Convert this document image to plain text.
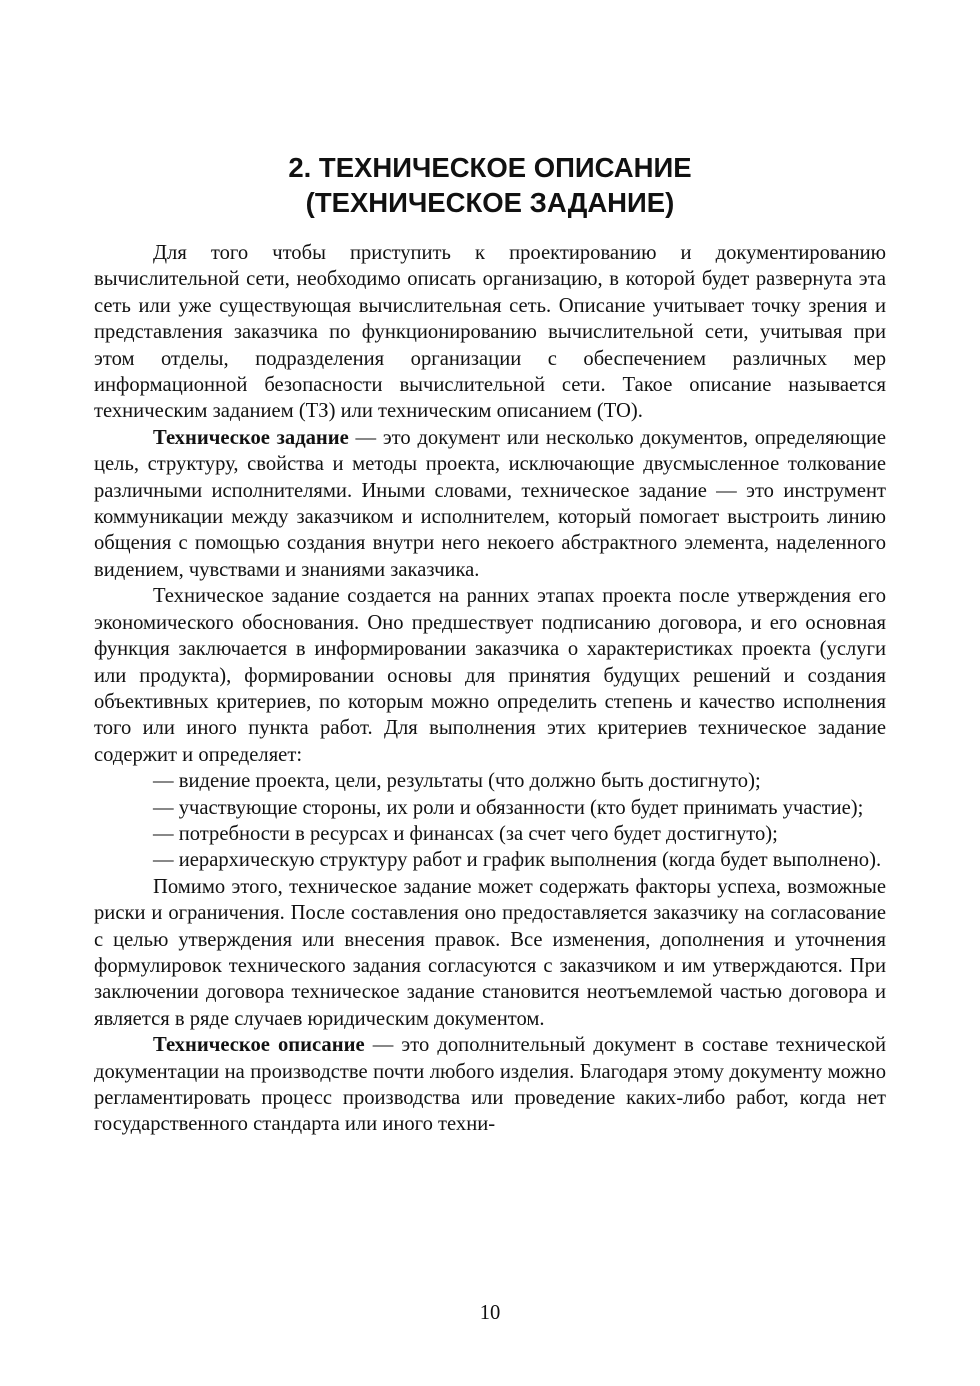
2. ТЕХНИЧЕСКОЕ ОПИСАНИЕ
(ТЕХНИЧЕСКОЕ ЗАДАНИЕ)

Для того чтобы приступить к проектированию и документированию вычислительной сети, необходимо описать организацию, в которой будет развернута эта сеть или уже существующая вычислительная сеть. Описание учитывает точку зрения и представления заказчика по функционированию вычислительной сети, учитывая при этом отделы, подразделения организации с обеспечением различных мер информационной безопасности вычислительной сети. Такое описание называется техническим заданием (ТЗ) или техническим описанием (ТО).

Техническое задание — это документ или несколько документов, определяющие цель, структуру, свойства и методы проекта, исключающие двусмысленное толкование различными исполнителями. Иными словами, техническое задание — это инструмент коммуникации между заказчиком и исполнителем, который помогает выстроить линию общения с помощью создания внутри него некоего абстрактного элемента, наделенного видением, чувствами и знаниями заказчика.

Техническое задание создается на ранних этапах проекта после утверждения его экономического обоснования. Оно предшествует подписанию договора, и его основная функция заключается в информировании заказчика о характеристиках проекта (услуги или продукта), формировании основы для принятия будущих решений и создания объективных критериев, по которым можно определить степень и качество исполнения того или иного пункта работ. Для выполнения этих критериев техническое задание содержит и определяет:

— видение проекта, цели, результаты (что должно быть достигнуто);

— участвующие стороны, их роли и обязанности (кто будет принимать участие);

— потребности в ресурсах и финансах (за счет чего будет достигнуто);

— иерархическую структуру работ и график выполнения (когда будет выполнено).

Помимо этого, техническое задание может содержать факторы успеха, возможные риски и ограничения. После составления оно предоставляется заказчику на согласование с целью утверждения или внесения правок. Все изменения, дополнения и уточнения формулировок технического задания согласуются с заказчиком и им утверждаются. При заключении договора техническое задание становится неотъемлемой частью договора и является в ряде случаев юридическим документом.

Техническое описание — это дополнительный документ в составе технической документации на производстве почти любого изделия. Благодаря этому документу можно регламентировать процесс производства или проведение каких-либо работ, когда нет государственного стандарта или иного техни-

10
